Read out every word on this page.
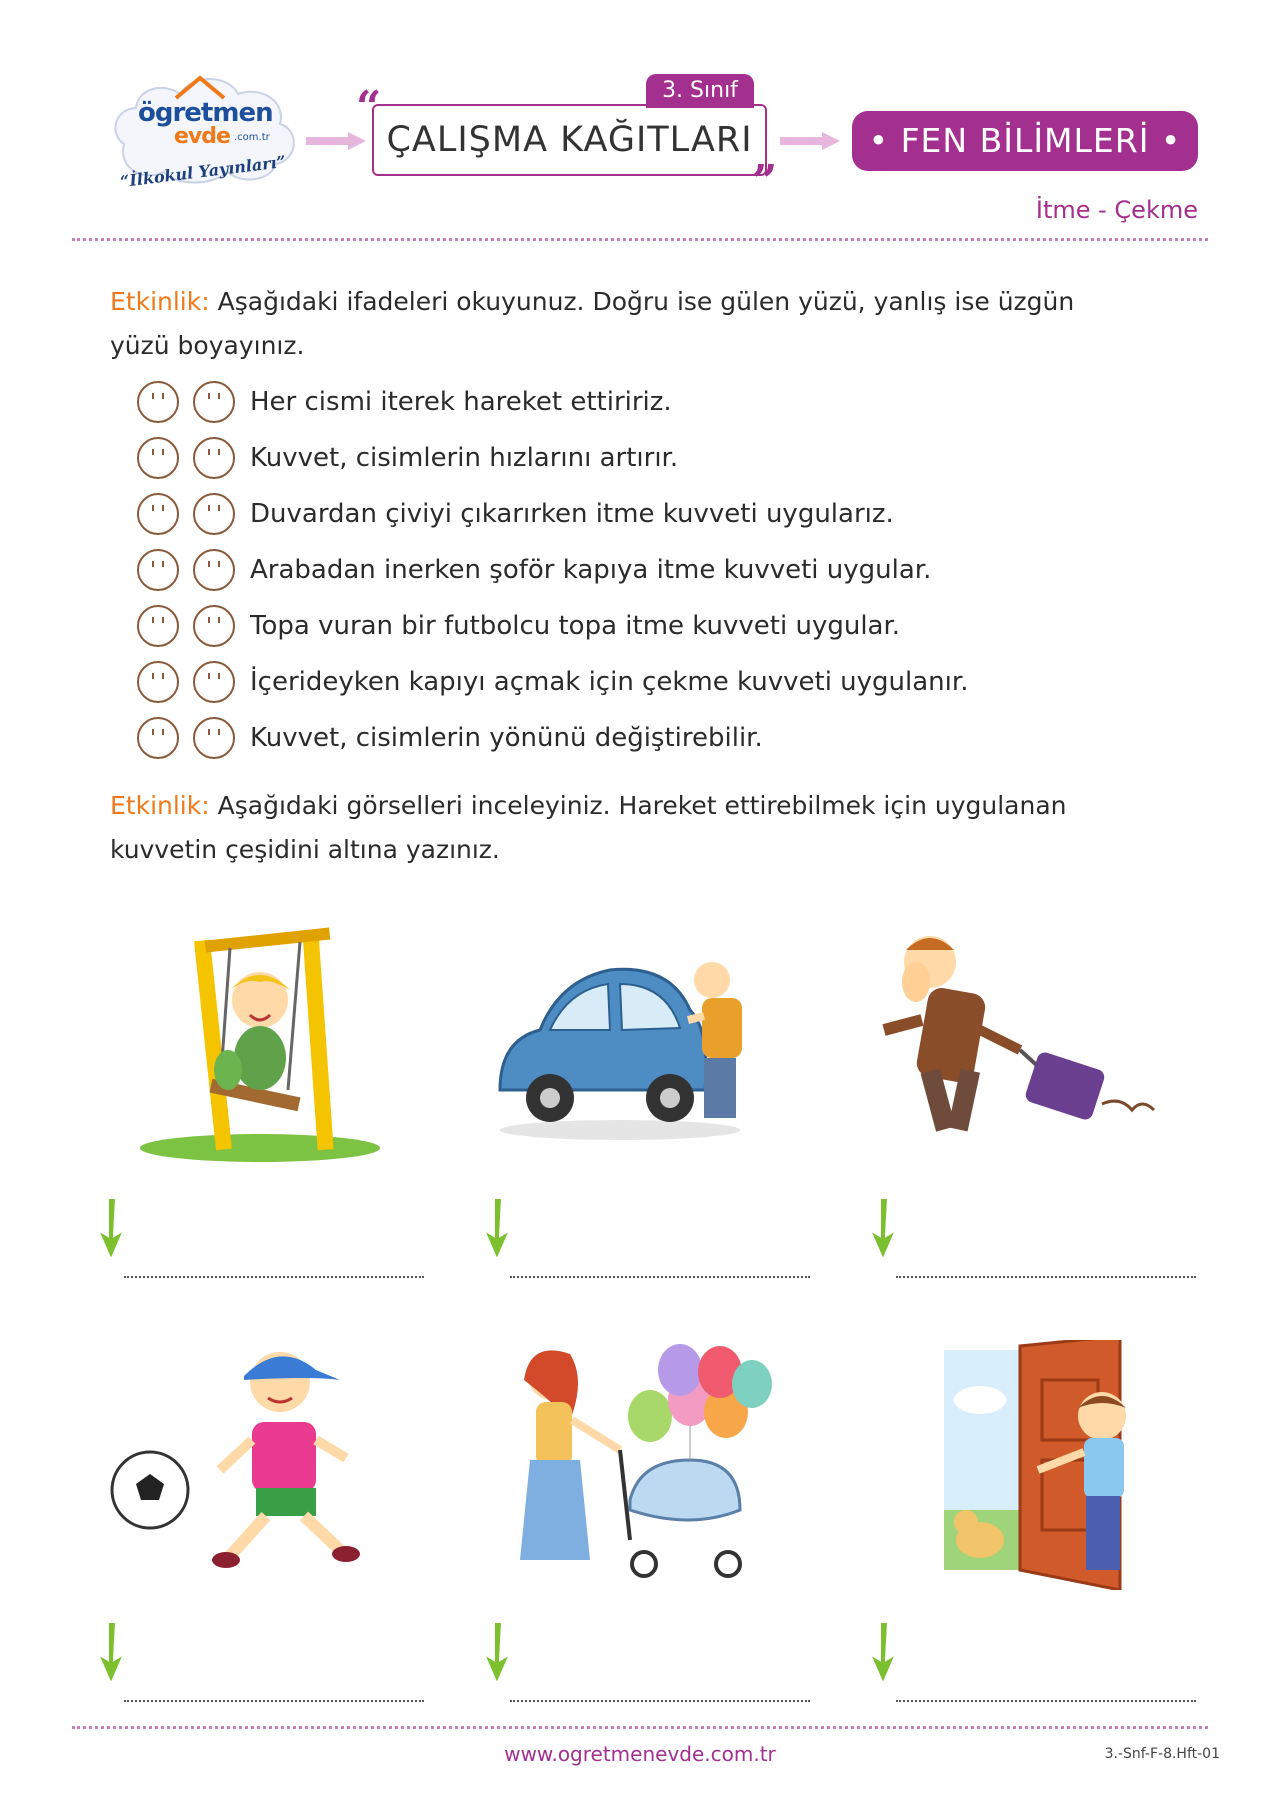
ögretmen
evde .com.tr
“İlkokul Yayınları”
3. Sınıf
ÇALIŞMA KAĞITLARI
“
”
• FEN BİLİMLERİ •
İtme - Çekme
Etkinlik: Aşağıdaki ifadeleri okuyunuz. Doğru ise gülen yüzü, yanlış ise üzgün yüzü boyayınız.
Her cismi iterek hareket ettiririz.
Kuvvet, cisimlerin hızlarını artırır.
Duvardan çiviyi çıkarırken itme kuvveti uygularız.
Arabadan inerken şoför kapıya itme kuvveti uygular.
Topa vuran bir futbolcu topa itme kuvveti uygular.
İçerideyken kapıyı açmak için çekme kuvveti uygulanır.
Kuvvet, cisimlerin yönünü değiştirebilir.
Etkinlik: Aşağıdaki görselleri inceleyiniz. Hareket ettirebilmek için uygulanan kuvvetin çeşidini altına yazınız.
www.ogretmenevde.com.tr	3.-Snf-F-8.Hft-01
